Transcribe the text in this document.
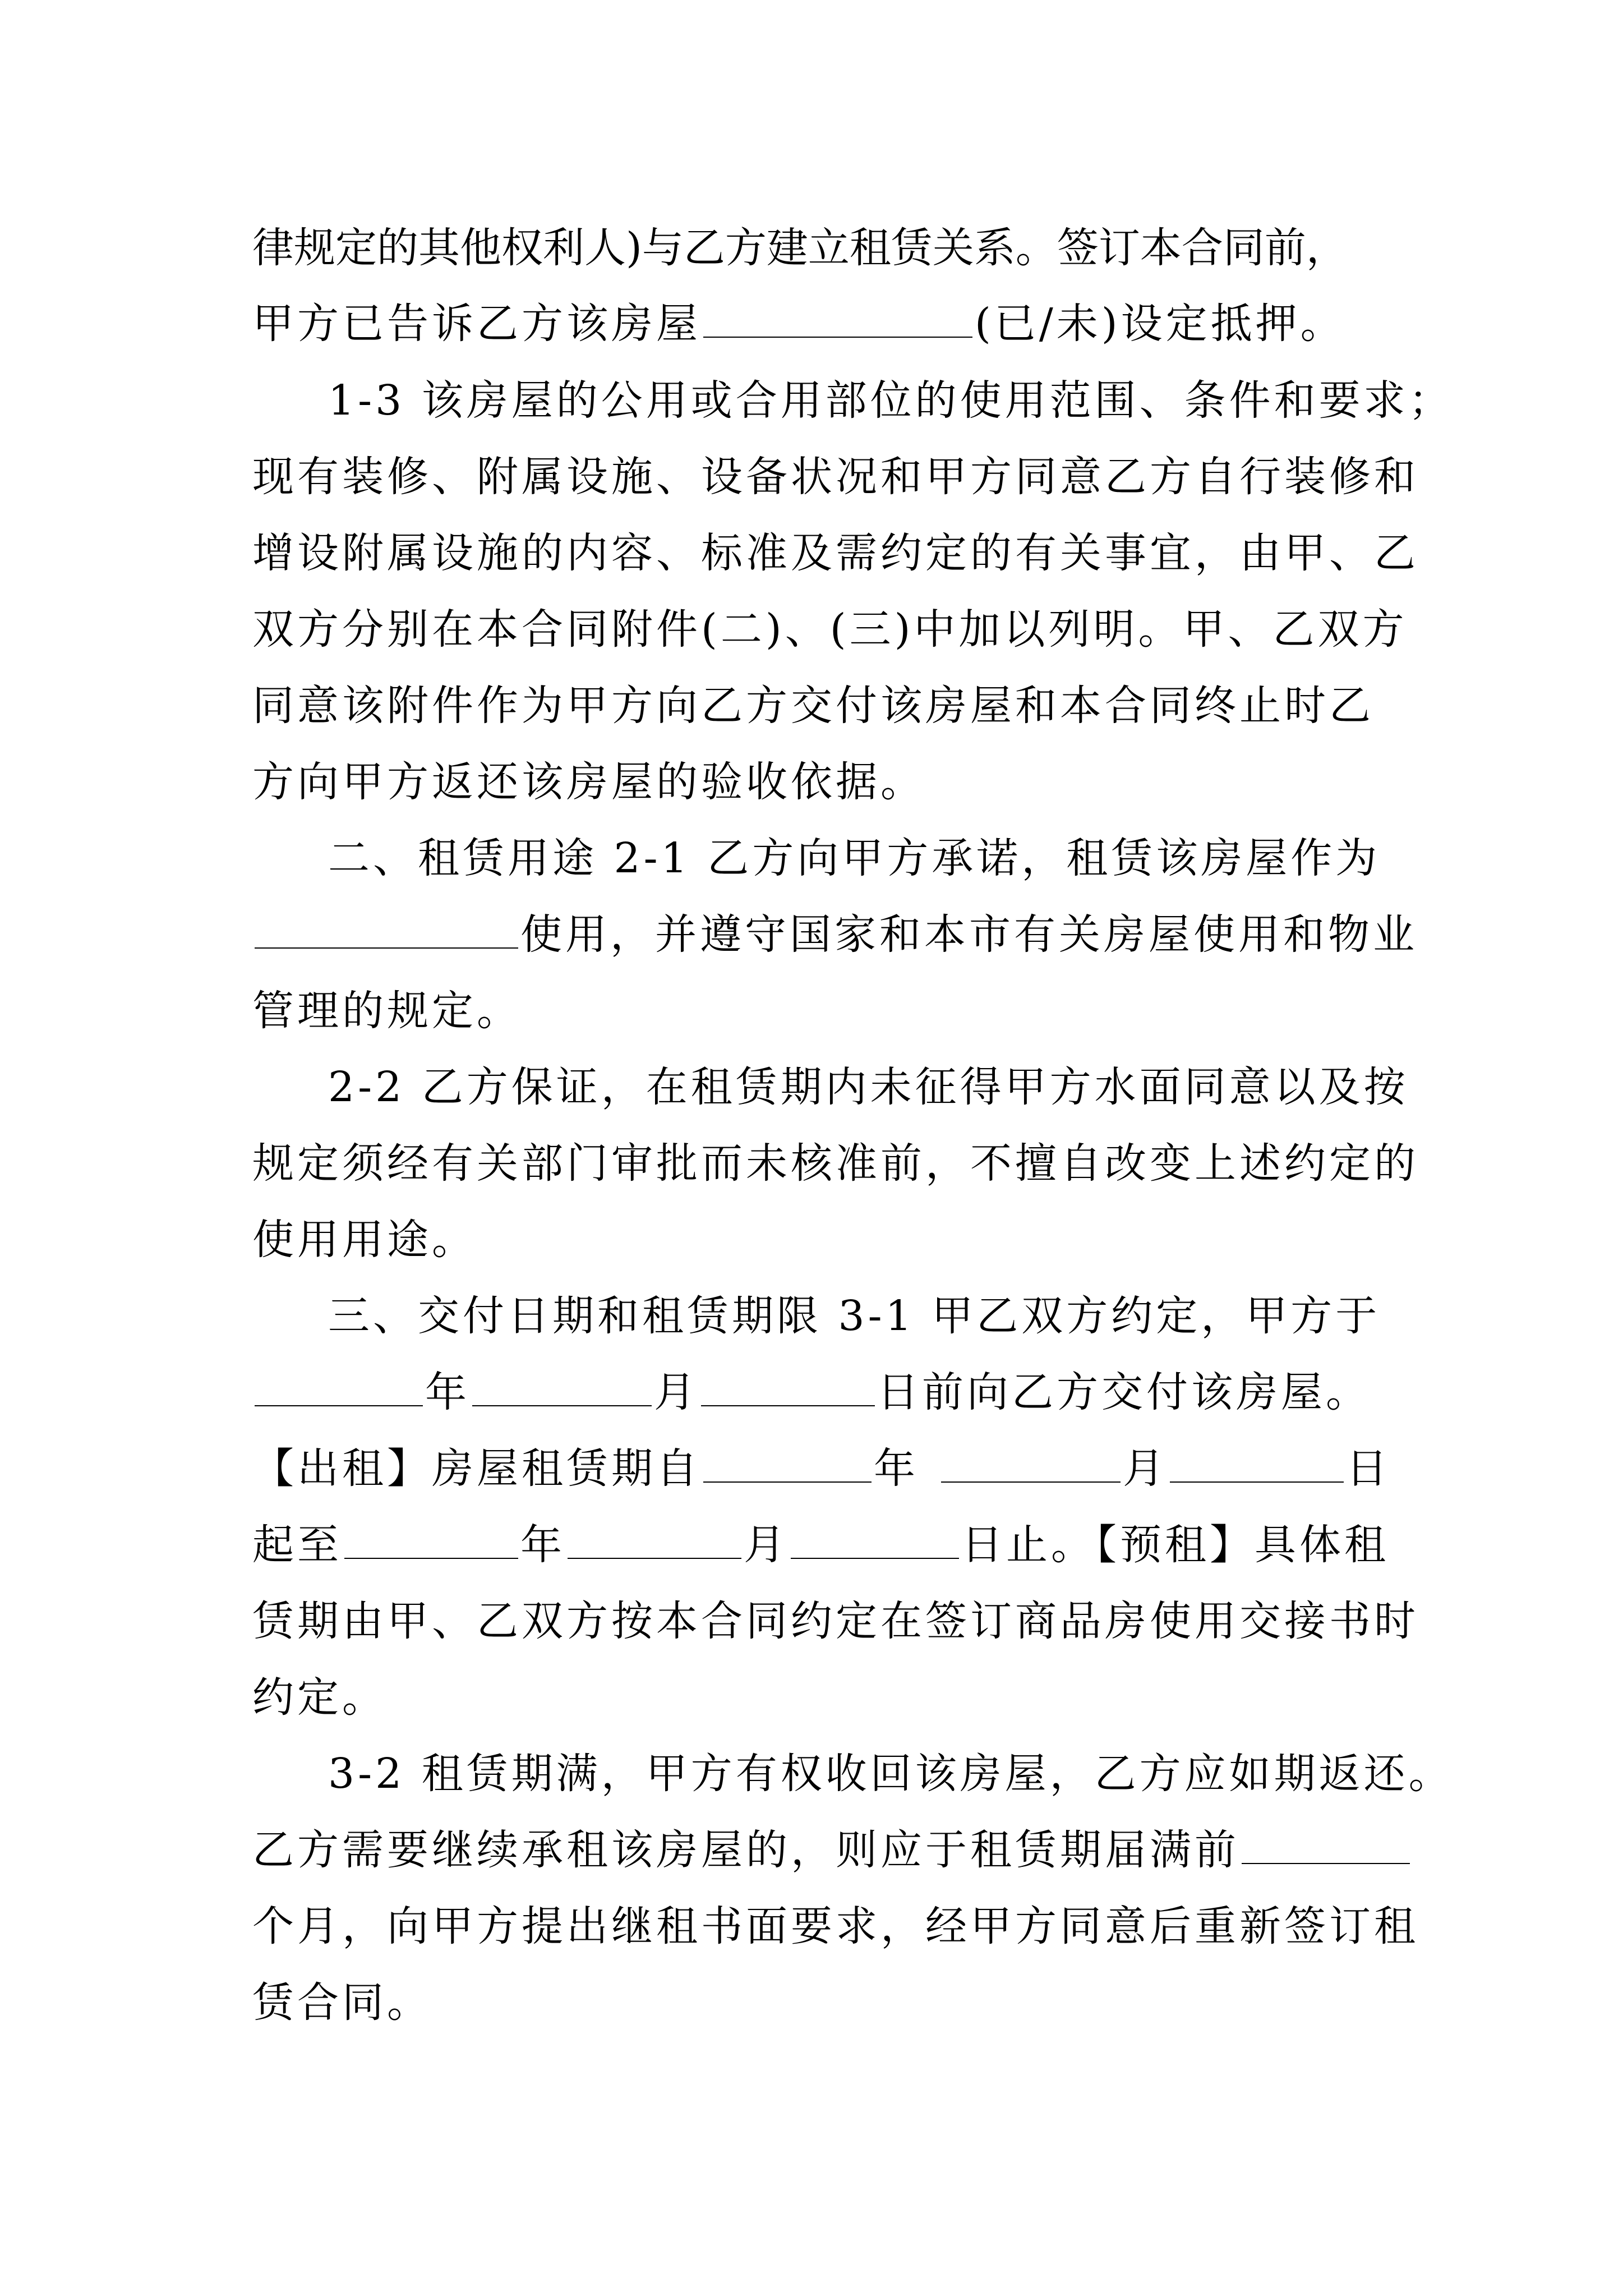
律规定的其他权利人)与乙方建立租赁关系。签订本合同前，
甲方已告诉乙方该房屋	(已/未)设定抵押。
1-3 该房屋的公用或合用部位的使用范围、条件和要求；
现有装修、附属设施、设备状况和甲方同意乙方自行装修和
增设附属设施的内容、标准及需约定的有关事宜，由甲、乙
双方分别在本合同附件(二)、(三)中加以列明。甲、乙双方
同意该附件作为甲方向乙方交付该房屋和本合同终止时乙
方向甲方返还该房屋的验收依据。
二、租赁用途 2-1 乙方向甲方承诺，租赁该房屋作为
使用，并遵守国家和本市有关房屋使用和物业
管理的规定。
2-2 乙方保证，在租赁期内未征得甲方水面同意以及按
规定须经有关部门审批而未核准前，不擅自改变上述约定的
使用用途。
三、交付日期和租赁期限 3-1 甲乙双方约定，甲方于
年	月	日前向乙方交付该房屋。
【出租】房屋租赁期自	年	月	日
起至	年	月	日止。【预租】具体租
赁期由甲、乙双方按本合同约定在签订商品房使用交接书时
约定。
3-2 租赁期满，甲方有权收回该房屋，乙方应如期返还。
乙方需要继续承租该房屋的，则应于租赁期届满前
个月，向甲方提出继租书面要求，经甲方同意后重新签订租
赁合同。
